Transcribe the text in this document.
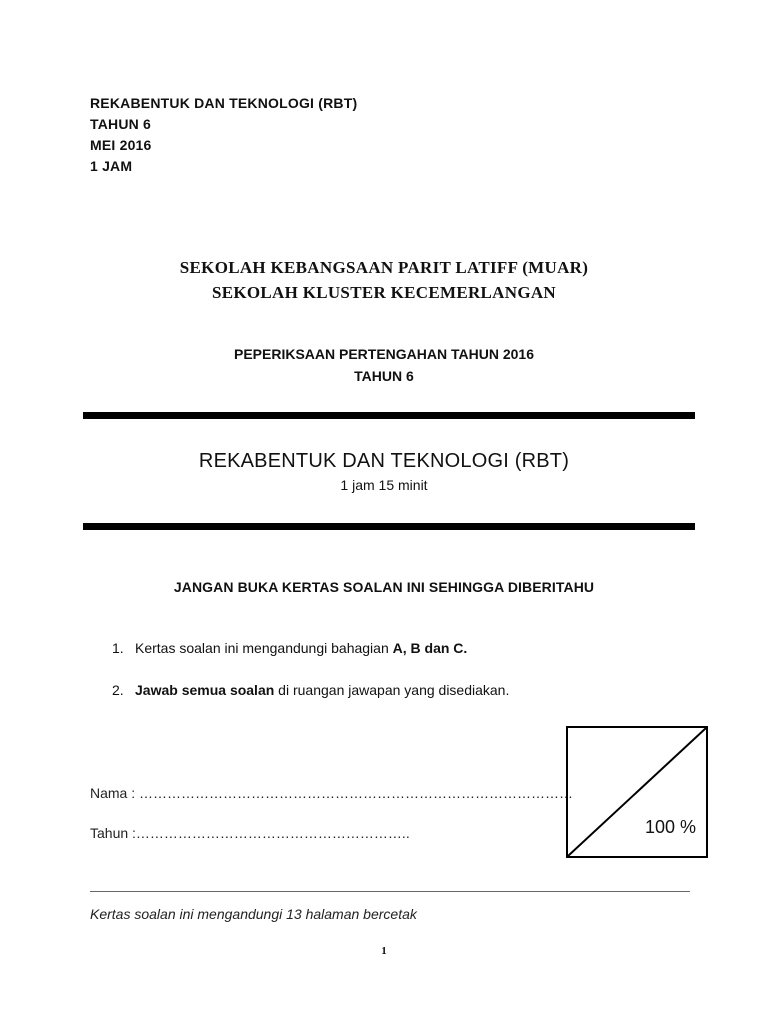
REKABENTUK DAN TEKNOLOGI (RBT)
TAHUN 6
MEI 2016
1 JAM
SEKOLAH KEBANGSAAN PARIT LATIFF (MUAR)
SEKOLAH KLUSTER KECEMERLANGAN
PEPERIKSAAN PERTENGAHAN TAHUN 2016
TAHUN 6
REKABENTUK DAN TEKNOLOGI (RBT)
1 jam 15 minit
JANGAN BUKA KERTAS SOALAN INI SEHINGGA DIBERITAHU
1. Kertas soalan ini mengandungi bahagian A, B dan C.
2. Jawab semua soalan di ruangan jawapan yang disediakan.
Nama : …………………………………………………………………………………
Tahun :…………………………………………………..	100 %
Kertas soalan ini mengandungi 13 halaman bercetak
1
